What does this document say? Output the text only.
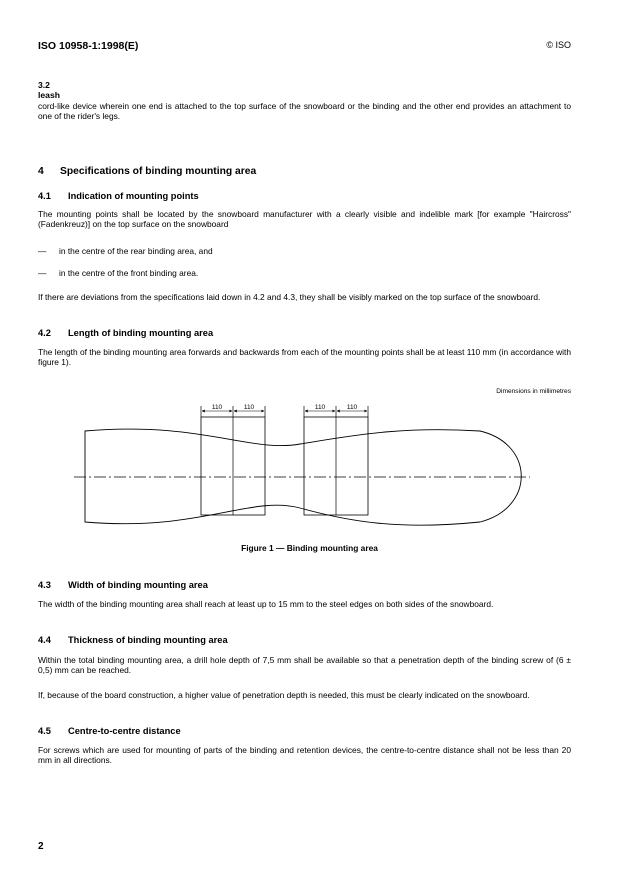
ISO 10958-1:1998(E)	© ISO
3.2
leash
cord-like device wherein one end is attached to the top surface of the snowboard or the binding and the other end provides an attachment to one of the rider's legs.
4 Specifications of binding mounting area
4.1 Indication of mounting points
The mounting points shall be located by the snowboard manufacturer with a clearly visible and indelible mark [for example "Haircross" (Fadenkreuz)] on the top surface on the snowboard
— in the centre of the rear binding area, and
— in the centre of the front binding area.
If there are deviations from the specifications laid down in 4.2 and 4.3, they shall be visibly marked on the top surface of the snowboard.
4.2 Length of binding mounting area
The length of the binding mounting area forwards and backwards from each of the mounting points shall be at least 110 mm (in accordance with figure 1).
Dimensions in millimetres
110	110	110	110
Figure 1 — Binding mounting area
4.3 Width of binding mounting area
The width of the binding mounting area shall reach at least up to 15 mm to the steel edges on both sides of the snowboard.
4.4 Thickness of binding mounting area
Within the total binding mounting area, a drill hole depth of 7,5 mm shall be available so that a penetration depth of the binding screw of (6 ± 0,5) mm can be reached.
If, because of the board construction, a higher value of penetration depth is needed, this must be clearly indicated on the snowboard.
4.5 Centre-to-centre distance
For screws which are used for mounting of parts of the binding and retention devices, the centre-to-centre distance shall not be less than 20 mm in all directions.
2
